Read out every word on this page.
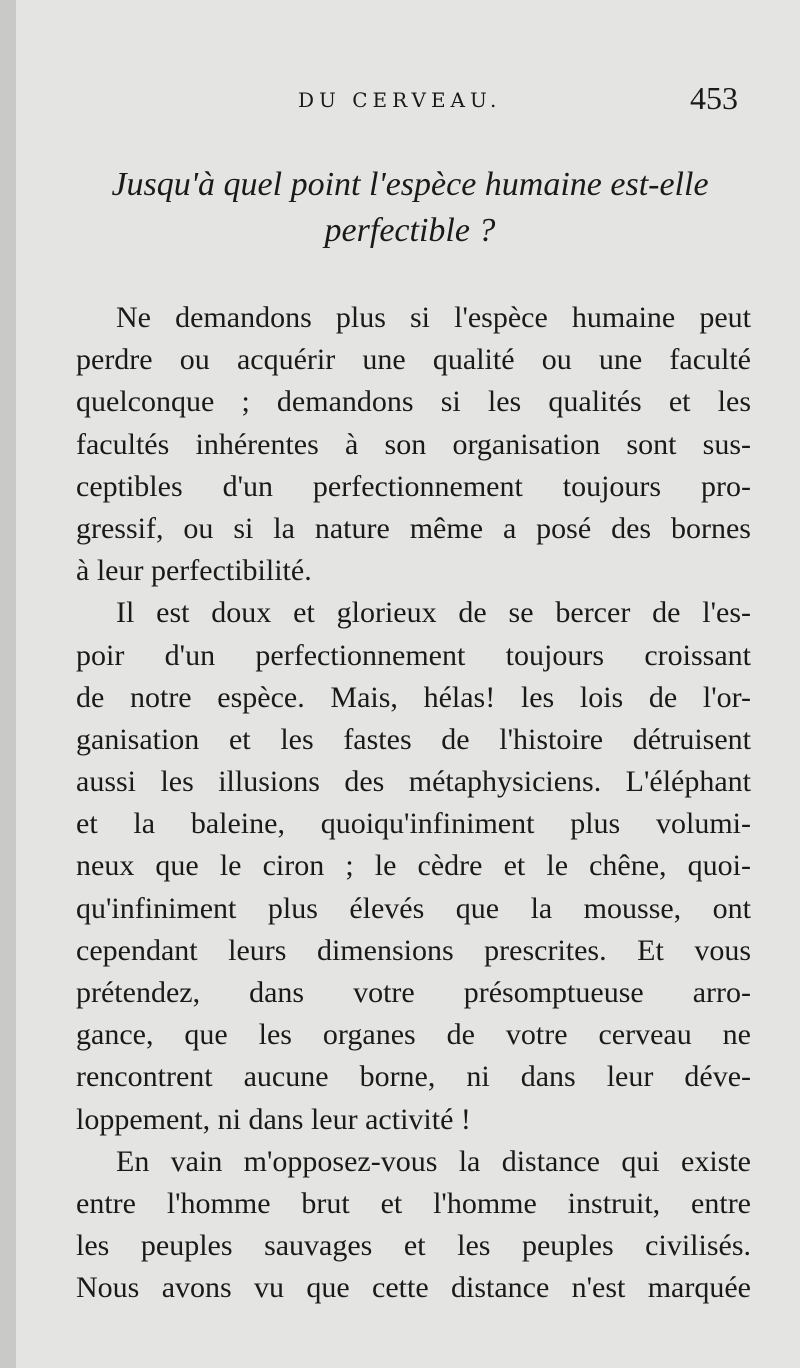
DU CERVEAU.	453
Jusqu'à quel point l'espèce humaine est-elle
perfectible ?
Ne demandons plus si l'espèce humaine peut
perdre ou acquérir une qualité ou une faculté
quelconque ; demandons si les qualités et les
facultés inhérentes à son organisation sont sus-
ceptibles d'un perfectionnement toujours pro-
gressif, ou si la nature même a posé des bornes
à leur perfectibilité.
Il est doux et glorieux de se bercer de l'es-
poir d'un perfectionnement toujours croissant
de notre espèce. Mais, hélas! les lois de l'or-
ganisation et les fastes de l'histoire détruisent
aussi les illusions des métaphysiciens. L'éléphant
et la baleine, quoiqu'infiniment plus volumi-
neux que le ciron ; le cèdre et le chêne, quoi-
qu'infiniment plus élevés que la mousse, ont
cependant leurs dimensions prescrites. Et vous
prétendez, dans votre présomptueuse arro-
gance, que les organes de votre cerveau ne
rencontrent aucune borne, ni dans leur déve-
loppement, ni dans leur activité !
En vain m'opposez-vous la distance qui existe
entre l'homme brut et l'homme instruit, entre
les peuples sauvages et les peuples civilisés.
Nous avons vu que cette distance n'est marquée
